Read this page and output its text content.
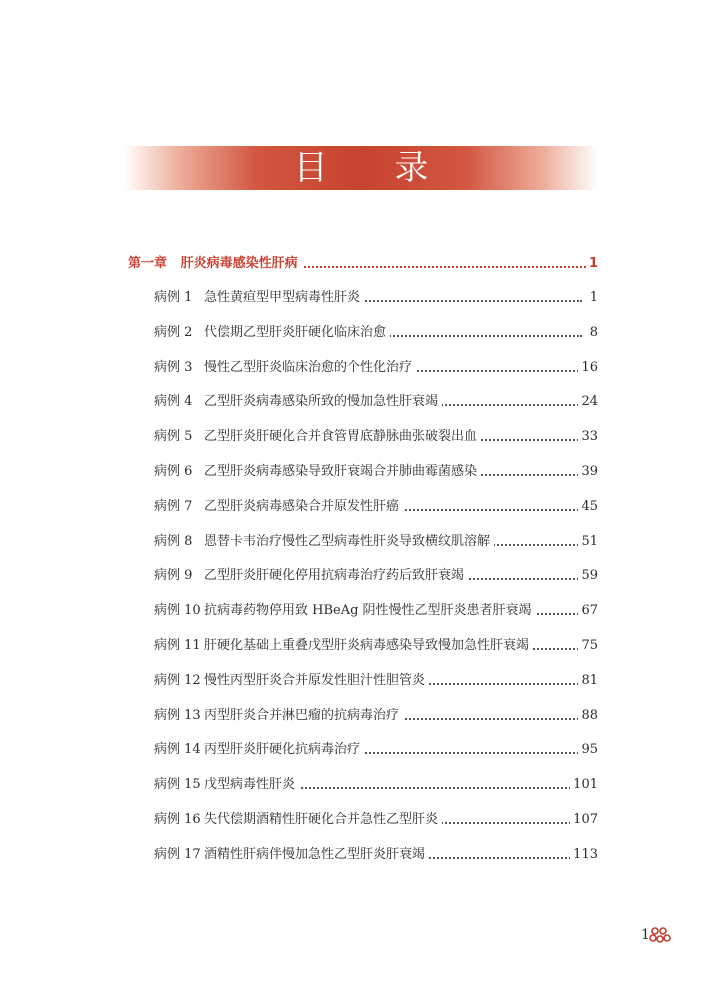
目 录
第一章 肝炎病毒感染性肝病	1
病例 1 急性黄疸型甲型病毒性肝炎	1
病例 2 代偿期乙型肝炎肝硬化临床治愈	8
病例 3 慢性乙型肝炎临床治愈的个性化治疗	16
病例 4 乙型肝炎病毒感染所致的慢加急性肝衰竭	24
病例 5 乙型肝炎肝硬化合并食管胃底静脉曲张破裂出血	33
病例 6 乙型肝炎病毒感染导致肝衰竭合并肺曲霉菌感染	39
病例 7 乙型肝炎病毒感染合并原发性肝癌	45
病例 8 恩替卡韦治疗慢性乙型病毒性肝炎导致横纹肌溶解	51
病例 9 乙型肝炎肝硬化停用抗病毒治疗药后致肝衰竭	59
病例 10 抗病毒药物停用致 HBeAg 阴性慢性乙型肝炎患者肝衰竭	67
病例 11 肝硬化基础上重叠戊型肝炎病毒感染导致慢加急性肝衰竭	75
病例 12 慢性丙型肝炎合并原发性胆汁性胆管炎	81
病例 13 丙型肝炎合并淋巴瘤的抗病毒治疗	88
病例 14 丙型肝炎肝硬化抗病毒治疗	95
病例 15 戊型病毒性肝炎	101
病例 16 失代偿期酒精性肝硬化合并急性乙型肝炎	107
病例 17 酒精性肝病伴慢加急性乙型肝炎肝衰竭	113
1
